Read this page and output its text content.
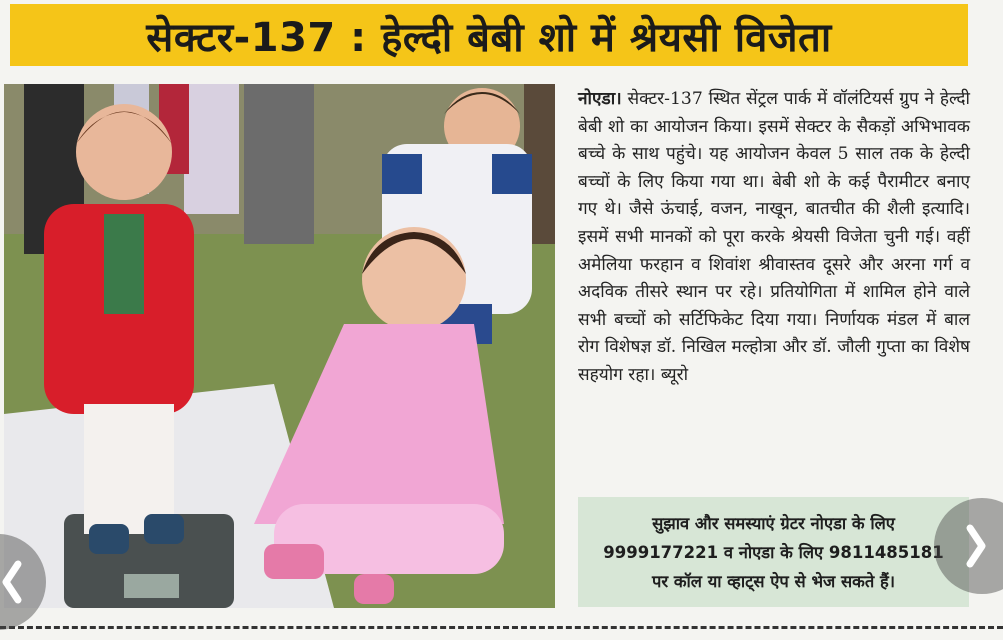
सेक्टर-137 : हेल्दी बेबी शो में श्रेयसी विजेता
नोएडा। सेक्टर-137 स्थित सेंट्रल पार्क में वॉलंटियर्स ग्रुप ने हेल्दी बेबी शो का आयोजन किया। इसमें सेक्टर के सैकड़ों अभिभावक बच्चे के साथ पहुंचे। यह आयोजन केवल 5 साल तक के हेल्दी बच्चों के लिए किया गया था। बेबी शो के कई पैरामीटर बनाए गए थे। जैसे ऊंचाई, वजन, नाखून, बातचीत की शैली इत्यादि। इसमें सभी मानकों को पूरा करके श्रेयसी विजेता चुनी गई। वहीं अमेलिया फरहान व शिवांश श्रीवास्तव दूसरे और अरना गर्ग व अदविक तीसरे स्थान पर रहे। प्रतियोगिता में शामिल होने वाले सभी बच्चों को सर्टिफिकेट दिया गया। निर्णायक मंडल में बाल रोग विशेषज्ञ डॉ. निखिल मल्होत्रा और डॉ. जौली गुप्ता का विशेष सहयोग रहा। ब्यूरो
सुझाव और समस्याएं ग्रेटर नोएडा के लिए
9999177221 व नोएडा के लिए 9811485181
पर कॉल या व्हाट्स ऐप से भेज सकते हैं।
